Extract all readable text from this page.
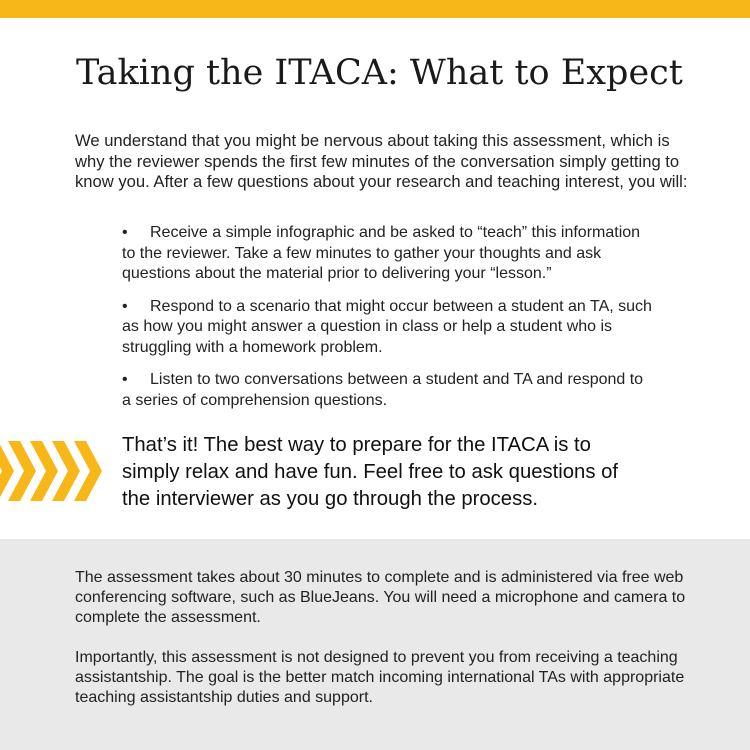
Taking the ITACA: What to Expect

We understand that you might be nervous about taking this assessment, which is why the reviewer spends the first few minutes of the conversation simply getting to know you. After a few questions about your research and teaching interest, you will:

• Receive a simple infographic and be asked to “teach” this information to the reviewer. Take a few minutes to gather your thoughts and ask questions about the material prior to delivering your “lesson.”
• Respond to a scenario that might occur between a student an TA, such as how you might answer a question in class or help a student who is struggling with a homework problem.
• Listen to two conversations between a student and TA and respond to a series of comprehension questions.

That’s it! The best way to prepare for the ITACA is to simply relax and have fun. Feel free to ask questions of the interviewer as you go through the process.

The assessment takes about 30 minutes to complete and is administered via free web conferencing software, such as BlueJeans. You will need a microphone and camera to complete the assessment.

Importantly, this assessment is not designed to prevent you from receiving a teaching assistantship. The goal is the better match incoming international TAs with appropriate teaching assistantship duties and support.
